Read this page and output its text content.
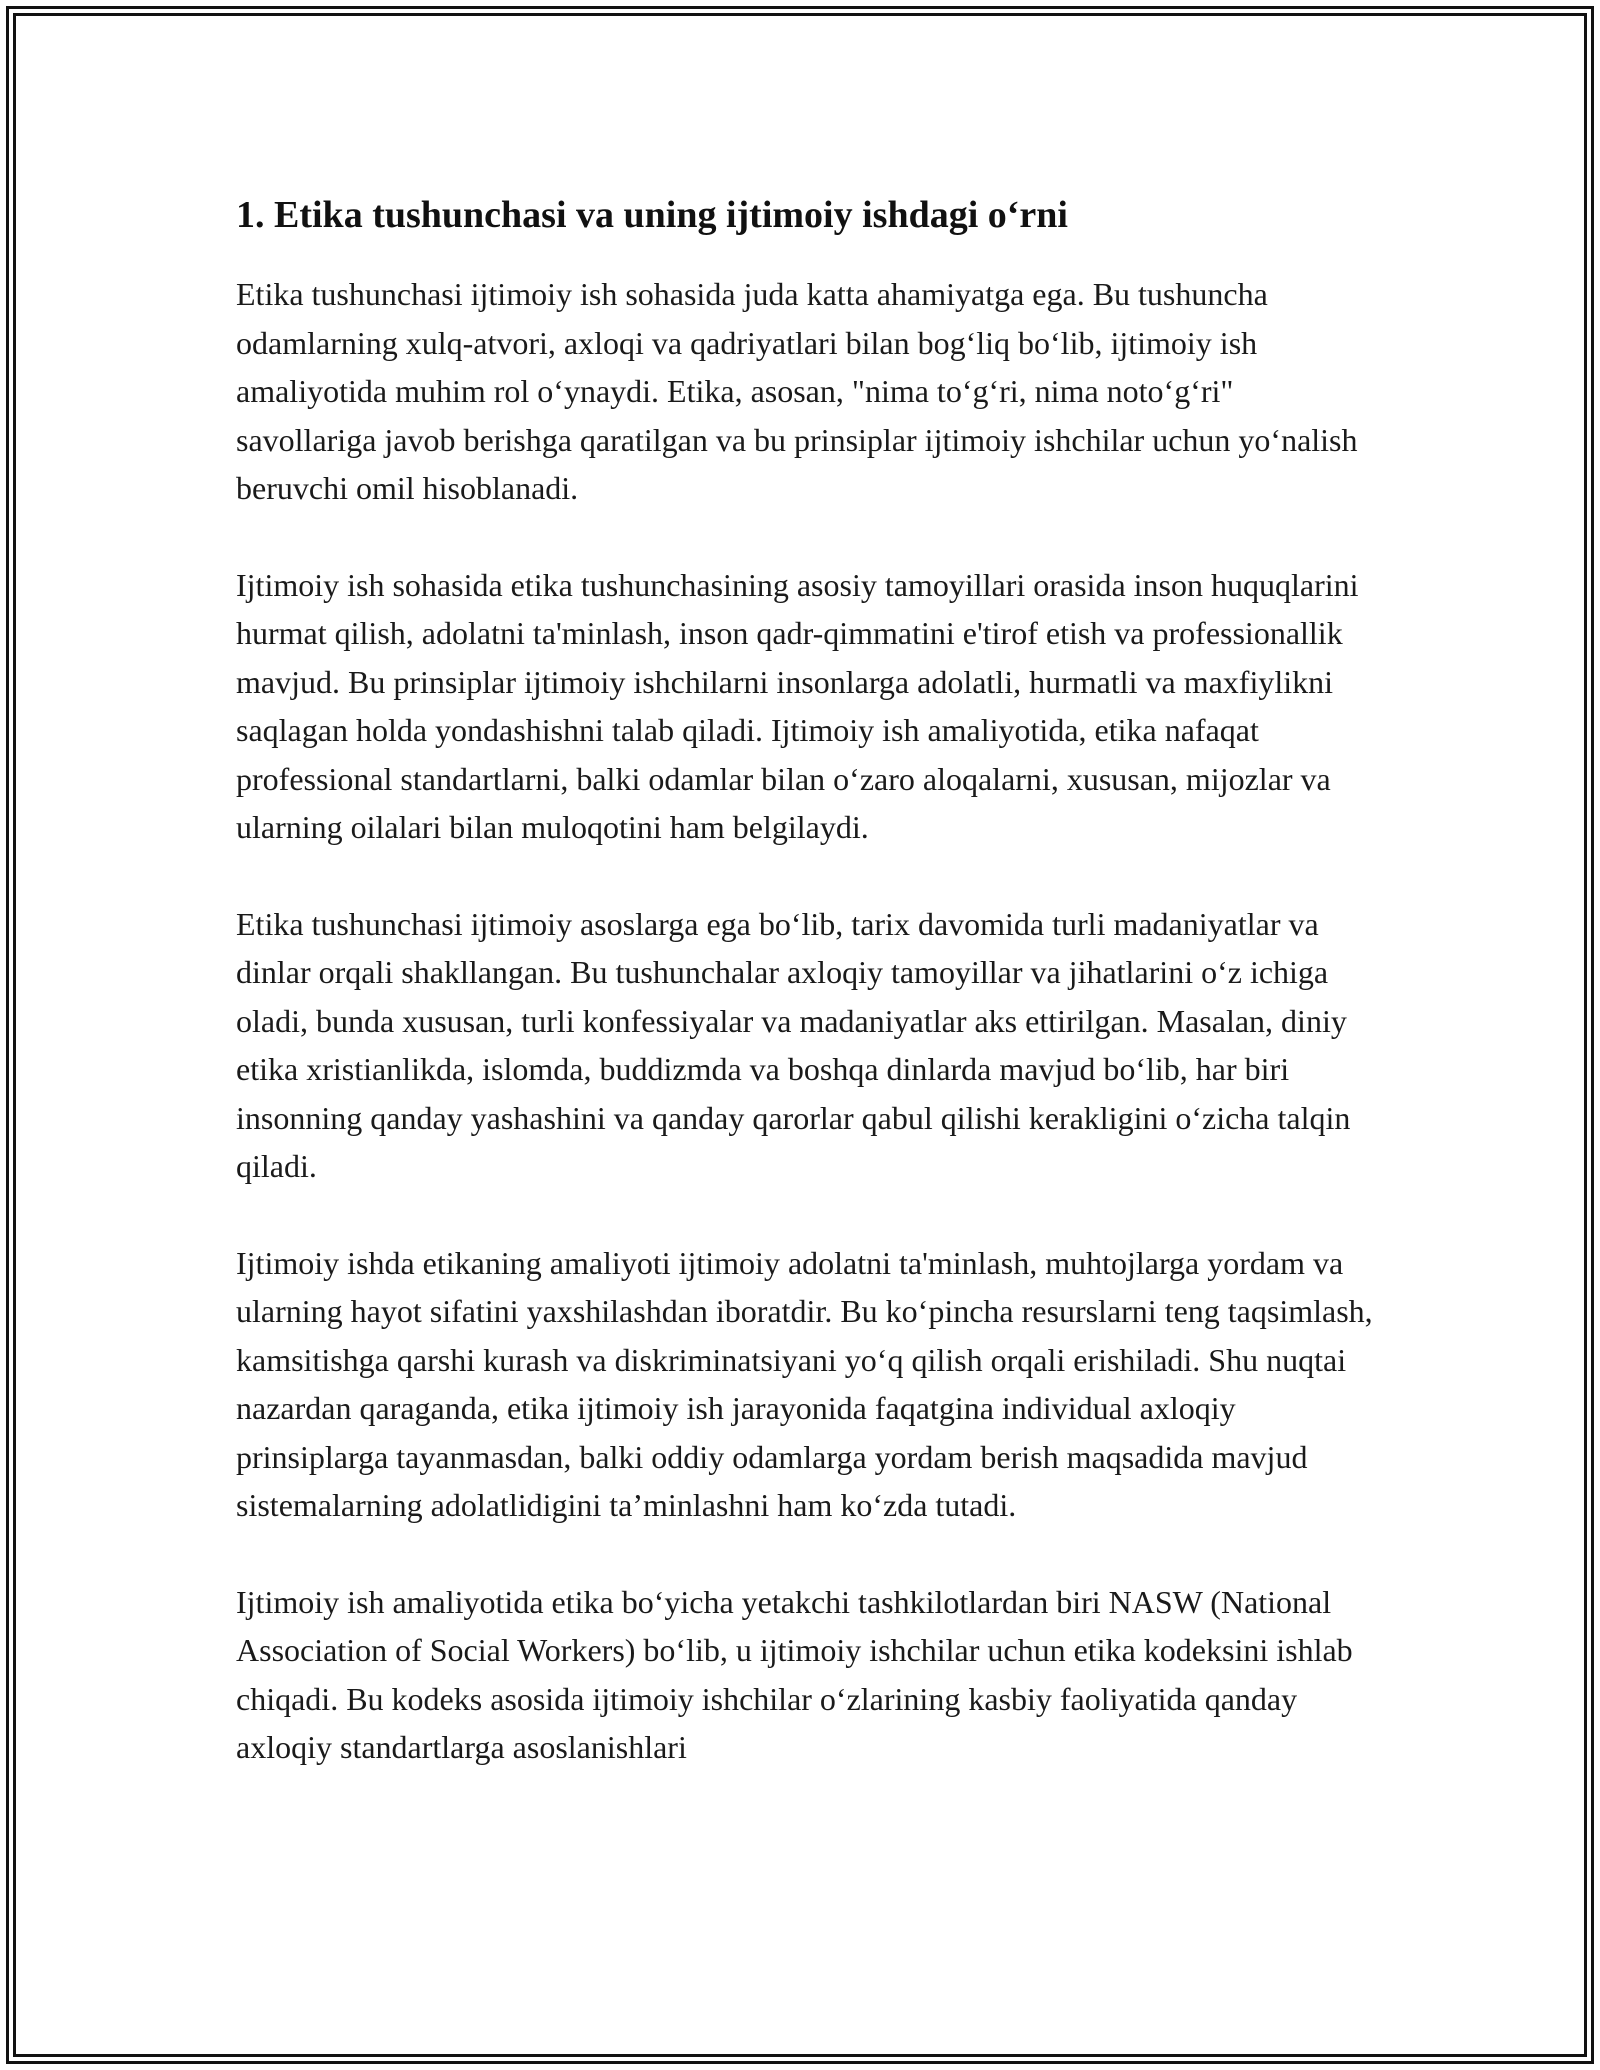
1. Etika tushunchasi va uning ijtimoiy ishdagi o‘rni

Etika tushunchasi ijtimoiy ish sohasida juda katta ahamiyatga ega. Bu tushuncha odamlarning xulq-atvori, axloqi va qadriyatlari bilan bog‘liq bo‘lib, ijtimoiy ish amaliyotida muhim rol o‘ynaydi. Etika, asosan, "nima to‘g‘ri, nima noto‘g‘ri" savollariga javob berishga qaratilgan va bu prinsiplar ijtimoiy ishchilar uchun yo‘nalish beruvchi omil hisoblanadi.

Ijtimoiy ish sohasida etika tushunchasining asosiy tamoyillari orasida inson huquqlarini hurmat qilish, adolatni ta'minlash, inson qadr-qimmatini e'tirof etish va professionallik mavjud. Bu prinsiplar ijtimoiy ishchilarni insonlarga adolatli, hurmatli va maxfiylikni saqlagan holda yondashishni talab qiladi. Ijtimoiy ish amaliyotida, etika nafaqat professional standartlarni, balki odamlar bilan o‘zaro aloqalarni, xususan, mijozlar va ularning oilalari bilan muloqotini ham belgilaydi.

Etika tushunchasi ijtimoiy asoslarga ega bo‘lib, tarix davomida turli madaniyatlar va dinlar orqali shakllangan. Bu tushunchalar axloqiy tamoyillar va jihatlarini o‘z ichiga oladi, bunda xususan, turli konfessiyalar va madaniyatlar aks ettirilgan. Masalan, diniy etika xristianlikda, islomda, buddizmda va boshqa dinlarda mavjud bo‘lib, har biri insonning qanday yashashini va qanday qarorlar qabul qilishi kerakligini o‘zicha talqin qiladi.

Ijtimoiy ishda etikaning amaliyoti ijtimoiy adolatni ta'minlash, muhtojlarga yordam va ularning hayot sifatini yaxshilashdan iboratdir. Bu ko‘pincha resurslarni teng taqsimlash, kamsitishga qarshi kurash va diskriminatsiyani yo‘q qilish orqali erishiladi. Shu nuqtai nazardan qaraganda, etika ijtimoiy ish jarayonida faqatgina individual axloqiy prinsiplarga tayanmasdan, balki oddiy odamlarga yordam berish maqsadida mavjud sistemalarning adolatlidigini ta’minlashni ham ko‘zda tutadi.

Ijtimoiy ish amaliyotida etika bo‘yicha yetakchi tashkilotlardan biri NASW (National Association of Social Workers) bo‘lib, u ijtimoiy ishchilar uchun etika kodeksini ishlab chiqadi. Bu kodeks asosida ijtimoiy ishchilar o‘zlarining kasbiy faoliyatida qanday axloqiy standartlarga asoslanishlari
